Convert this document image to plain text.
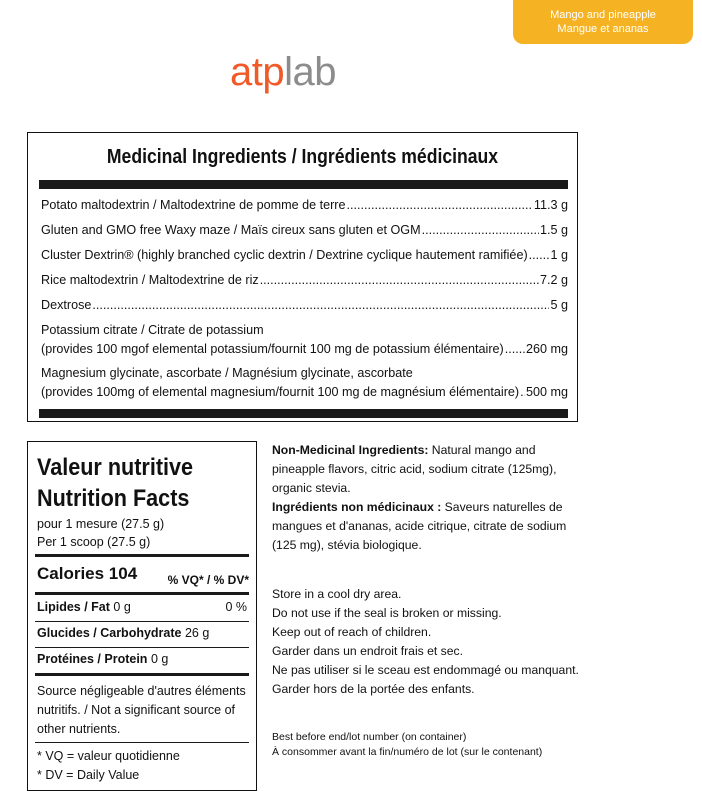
Mango and pineapple
Mangue et ananas
atplab
Medicinal Ingredients / Ingrédients médicinaux
Potato maltodextrin / Maltodextrine de pomme de terre .....	11.3 g
Gluten and GMO free Waxy maze / Maïs cireux sans gluten et OGM .....	1.5 g
Cluster Dextrin® (highly branched cyclic dextrin / Dextrine cyclique hautement ramifiée) ..... 1 g
Rice maltodextrin / Maltodextrine de riz .....	7.2 g
Dextrose .....	5 g
Potassium citrate / Citrate de potassium
(provides 100 mgof elemental potassium/fournit 100 mg de potassium élémentaire) ..... 260 mg
Magnesium glycinate, ascorbate / Magnésium glycinate, ascorbate
(provides 100mg of elemental magnesium/fournit 100 mg de magnésium élémentaire) ..... 500 mg
Valeur nutritive
Nutrition Facts
pour 1 mesure (27.5 g)
Per 1 scoop (27.5 g)
Calories 104	% VQ* / % DV*
Lipides / Fat 0 g	0 %
Glucides / Carbohydrate 26 g
Protéines / Protein 0 g
Source négligeable d'autres éléments nutritifs. / Not a significant source of other nutrients.
* VQ = valeur quotidienne
* DV = Daily Value
Non-Medicinal Ingredients: Natural mango and pineapple flavors, citric acid, sodium citrate (125mg), organic stevia.
Ingrédients non médicinaux : Saveurs naturelles de mangues et d'ananas, acide citrique, citrate de sodium (125 mg), stévia biologique.
Store in a cool dry area.
Do not use if the seal is broken or missing.
Keep out of reach of children.
Garder dans un endroit frais et sec.
Ne pas utiliser si le sceau est endommagé ou manquant.
Garder hors de la portée des enfants.
Best before end/lot number (on container)
À consommer avant la fin/numéro de lot (sur le contenant)
